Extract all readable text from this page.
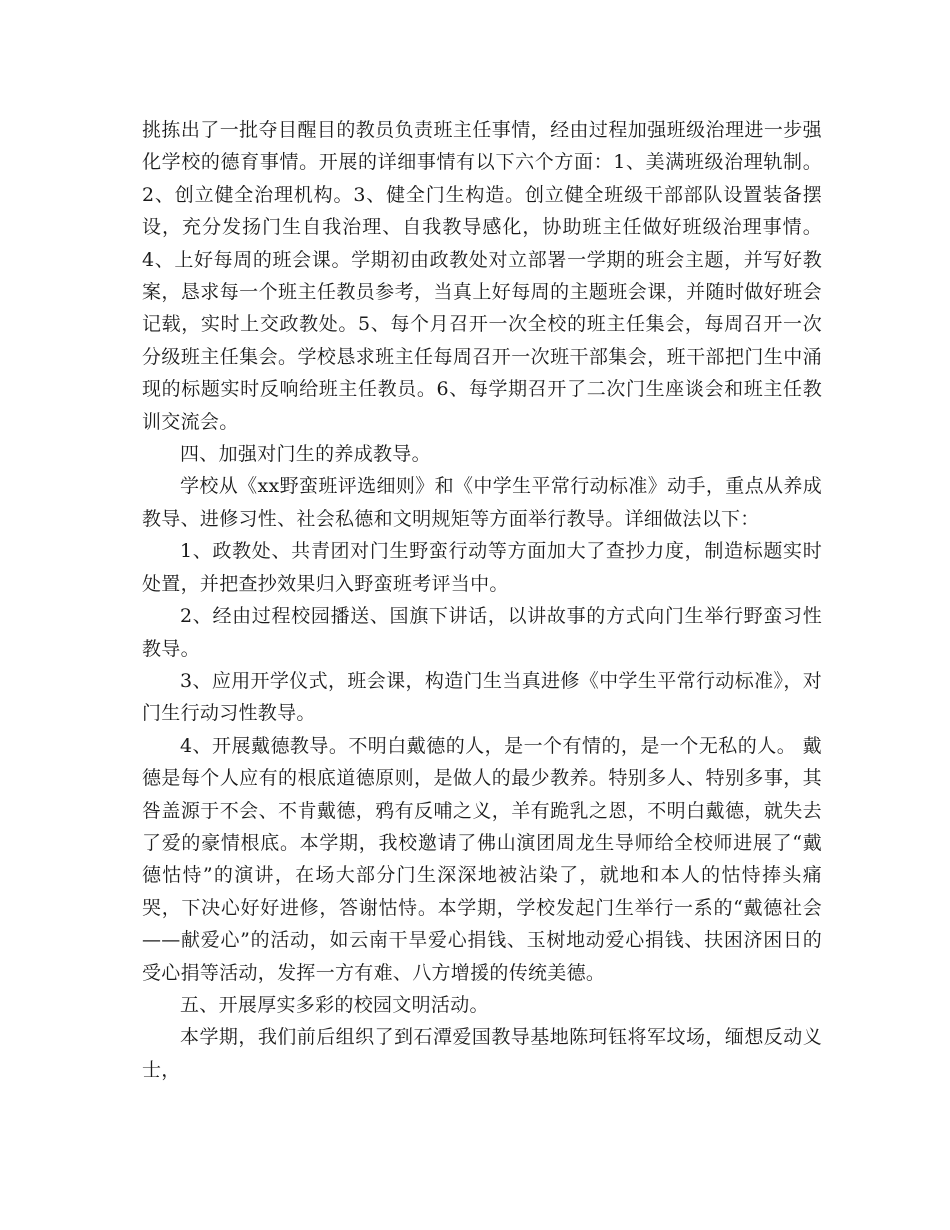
挑拣出了一批夺目醒目的教员负责班主任事情，经由过程加强班级治理进一步强化学校的德育事情。开展的详细事情有以下六个方面：1、美满班级治理轨制。2、创立健全治理机构。3、健全门生构造。创立健全班级干部部队设置装备摆设，充分发扬门生自我治理、自我教导感化，协助班主任做好班级治理事情。4、上好每周的班会课。学期初由政教处对立部署一学期的班会主题，并写好教案，恳求每一个班主任教员参考，当真上好每周的主题班会课，并随时做好班会记载，实时上交政教处。5、每个月召开一次全校的班主任集会，每周召开一次分级班主任集会。学校恳求班主任每周召开一次班干部集会，班干部把门生中涌现的标题实时反响给班主任教员。6、每学期召开了二次门生座谈会和班主任教训交流会。

四、加强对门生的养成教导。

学校从《xx野蛮班评选细则》和《中学生平常行动标准》动手，重点从养成教导、进修习性、社会私德和文明规矩等方面举行教导。详细做法以下：

1、政教处、共青团对门生野蛮行动等方面加大了查抄力度，制造标题实时处置，并把查抄效果归入野蛮班考评当中。

2、经由过程校园播送、国旗下讲话，以讲故事的方式向门生举行野蛮习性教导。

3、应用开学仪式，班会课，构造门生当真进修《中学生平常行动标准》，对门生行动习性教导。

4、开展戴德教导。不明白戴德的人，是一个有情的，是一个无私的人。 戴德是每个人应有的根底道德原则，是做人的最少教养。特别多人、特别多事，其咎盖源于不会、不肯戴德，鸦有反哺之义，羊有跪乳之恩，不明白戴德，就失去了爱的豪情根底。本学期，我校邀请了佛山演团周龙生导师给全校师进展了“戴德怙恃”的演讲，在场大部分门生深深地被沾染了，就地和本人的怙恃捧头痛哭，下决心好好进修，答谢怙恃。本学期，学校发起门生举行一系的“戴德社会——献爱心”的活动，如云南干旱爱心捐钱、玉树地动爱心捐钱、扶困济困日的受心捐等活动，发挥一方有难、八方增援的传统美德。

五、开展厚实多彩的校园文明活动。

本学期，我们前后组织了到石潭爱国教导基地陈珂钰将军坟场，缅想反动义士，
